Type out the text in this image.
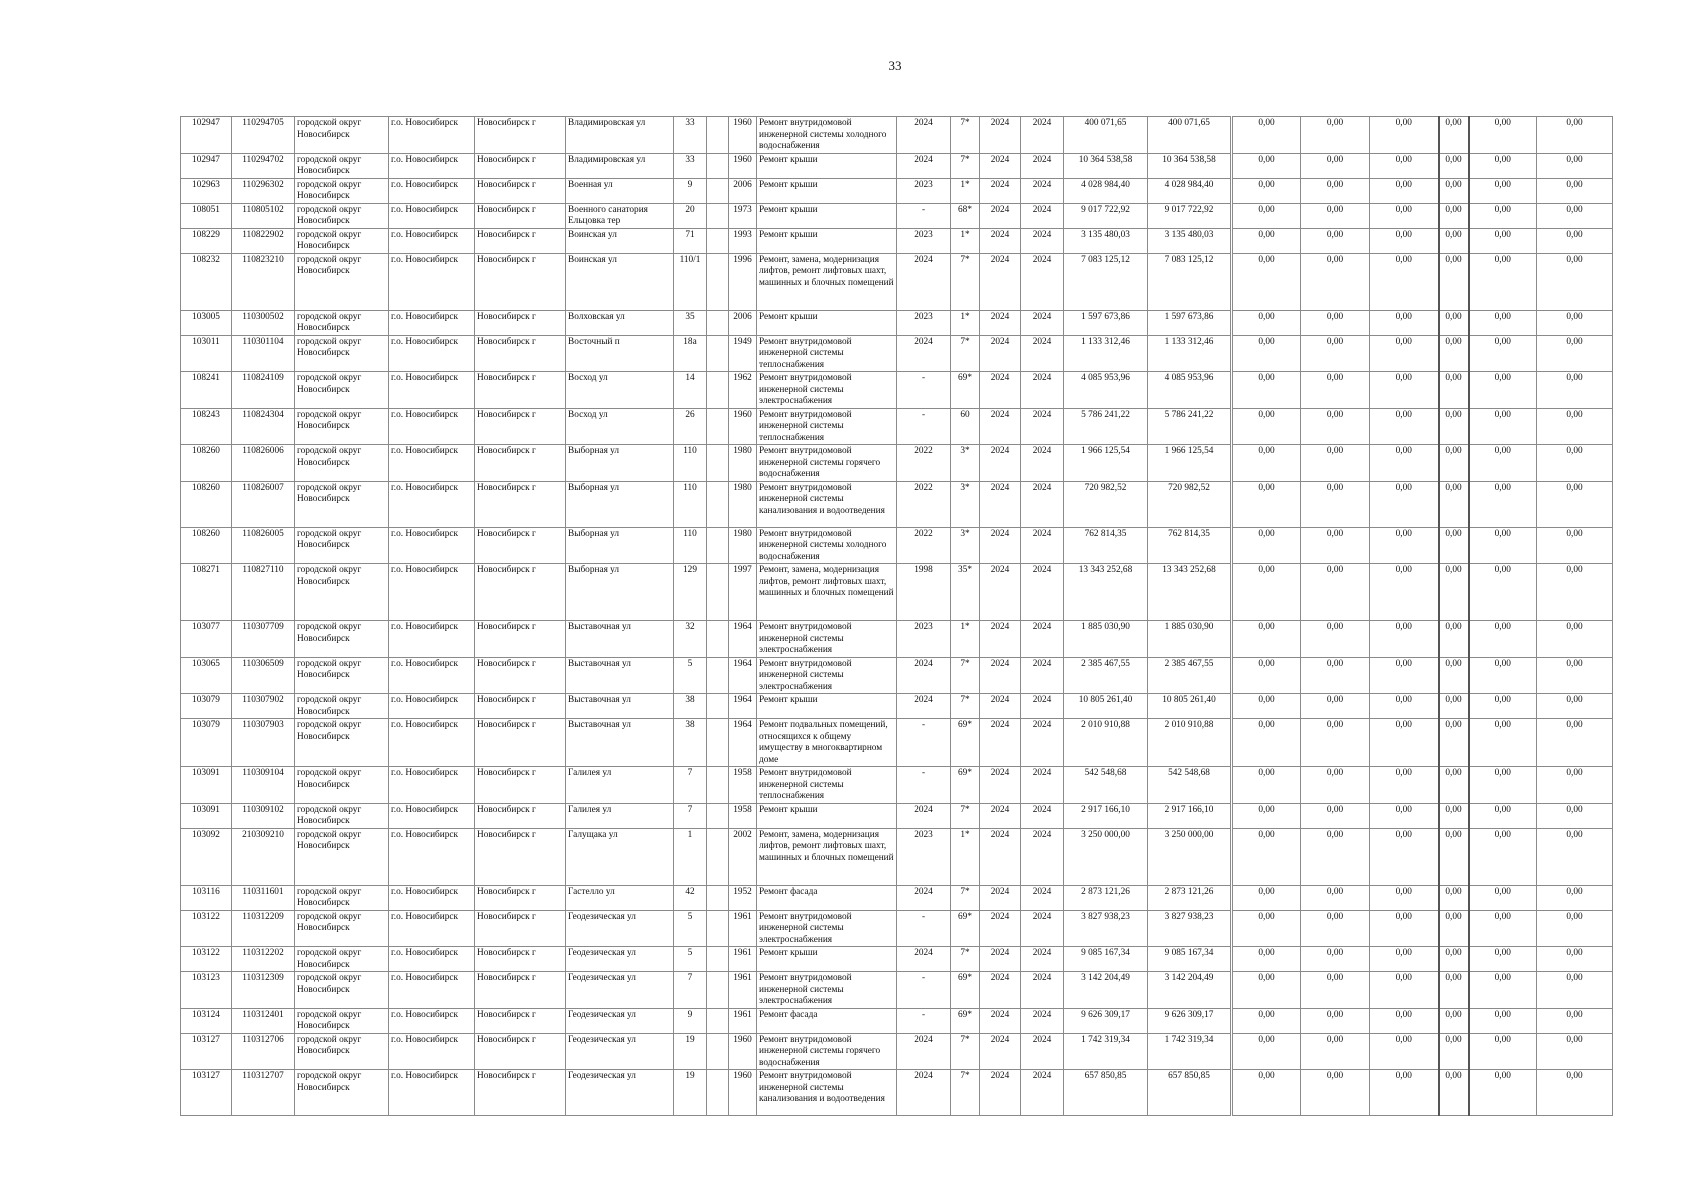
33
102947	110294705	городской округ Новосибирск	г.о. Новосибирск	Новосибирск г	Владимировская ул	33		1960	Ремонт внутридомовой инженерной системы холодного водоснабжения	2024	7*	2024	2024	400 071,65	400 071,65	0,00	0,00	0,00	0,00	0,00	0,00
102947	110294702	городской округ Новосибирск	г.о. Новосибирск	Новосибирск г	Владимировская ул	33		1960	Ремонт крыши	2024	7*	2024	2024	10 364 538,58	10 364 538,58	0,00	0,00	0,00	0,00	0,00	0,00
102963	110296302	городской округ Новосибирск	г.о. Новосибирск	Новосибирск г	Военная ул	9		2006	Ремонт крыши	2023	1*	2024	2024	4 028 984,40	4 028 984,40	0,00	0,00	0,00	0,00	0,00	0,00
108051	110805102	городской округ Новосибирск	г.о. Новосибирск	Новосибирск г	Военного санатория Ельцовка тер	20		1973	Ремонт крыши	-	68*	2024	2024	9 017 722,92	9 017 722,92	0,00	0,00	0,00	0,00	0,00	0,00
108229	110822902	городской округ Новосибирск	г.о. Новосибирск	Новосибирск г	Воинская ул	71		1993	Ремонт крыши	2023	1*	2024	2024	3 135 480,03	3 135 480,03	0,00	0,00	0,00	0,00	0,00	0,00
108232	110823210	городской округ Новосибирск	г.о. Новосибирск	Новосибирск г	Воинская ул	110/1		1996	Ремонт, замена, модернизация лифтов, ремонт лифтовых шахт, машинных и блочных помещений	2024	7*	2024	2024	7 083 125,12	7 083 125,12	0,00	0,00	0,00	0,00	0,00	0,00
103005	110300502	городской округ Новосибирск	г.о. Новосибирск	Новосибирск г	Волховская ул	35		2006	Ремонт крыши	2023	1*	2024	2024	1 597 673,86	1 597 673,86	0,00	0,00	0,00	0,00	0,00	0,00
103011	110301104	городской округ Новосибирск	г.о. Новосибирск	Новосибирск г	Восточный п	18а		1949	Ремонт внутридомовой инженерной системы теплоснабжения	2024	7*	2024	2024	1 133 312,46	1 133 312,46	0,00	0,00	0,00	0,00	0,00	0,00
108241	110824109	городской округ Новосибирск	г.о. Новосибирск	Новосибирск г	Восход ул	14		1962	Ремонт внутридомовой инженерной системы электроснабжения	-	69*	2024	2024	4 085 953,96	4 085 953,96	0,00	0,00	0,00	0,00	0,00	0,00
108243	110824304	городской округ Новосибирск	г.о. Новосибирск	Новосибирск г	Восход ул	26		1960	Ремонт внутридомовой инженерной системы теплоснабжения	-	60	2024	2024	5 786 241,22	5 786 241,22	0,00	0,00	0,00	0,00	0,00	0,00
108260	110826006	городской округ Новосибирск	г.о. Новосибирск	Новосибирск г	Выборная ул	110		1980	Ремонт внутридомовой инженерной системы горячего водоснабжения	2022	3*	2024	2024	1 966 125,54	1 966 125,54	0,00	0,00	0,00	0,00	0,00	0,00
108260	110826007	городской округ Новосибирск	г.о. Новосибирск	Новосибирск г	Выборная ул	110		1980	Ремонт внутридомовой инженерной системы канализования и водоотведения	2022	3*	2024	2024	720 982,52	720 982,52	0,00	0,00	0,00	0,00	0,00	0,00
108260	110826005	городской округ Новосибирск	г.о. Новосибирск	Новосибирск г	Выборная ул	110		1980	Ремонт внутридомовой инженерной системы холодного водоснабжения	2022	3*	2024	2024	762 814,35	762 814,35	0,00	0,00	0,00	0,00	0,00	0,00
108271	110827110	городской округ Новосибирск	г.о. Новосибирск	Новосибирск г	Выборная ул	129		1997	Ремонт, замена, модернизация лифтов, ремонт лифтовых шахт, машинных и блочных помещений	1998	35*	2024	2024	13 343 252,68	13 343 252,68	0,00	0,00	0,00	0,00	0,00	0,00
103077	110307709	городской округ Новосибирск	г.о. Новосибирск	Новосибирск г	Выставочная ул	32		1964	Ремонт внутридомовой инженерной системы электроснабжения	2023	1*	2024	2024	1 885 030,90	1 885 030,90	0,00	0,00	0,00	0,00	0,00	0,00
103065	110306509	городской округ Новосибирск	г.о. Новосибирск	Новосибирск г	Выставочная ул	5		1964	Ремонт внутридомовой инженерной системы электроснабжения	2024	7*	2024	2024	2 385 467,55	2 385 467,55	0,00	0,00	0,00	0,00	0,00	0,00
103079	110307902	городской округ Новосибирск	г.о. Новосибирск	Новосибирск г	Выставочная ул	38		1964	Ремонт крыши	2024	7*	2024	2024	10 805 261,40	10 805 261,40	0,00	0,00	0,00	0,00	0,00	0,00
103079	110307903	городской округ Новосибирск	г.о. Новосибирск	Новосибирск г	Выставочная ул	38		1964	Ремонт подвальных помещений, относящихся к общему имуществу в многоквартирном доме	-	69*	2024	2024	2 010 910,88	2 010 910,88	0,00	0,00	0,00	0,00	0,00	0,00
103091	110309104	городской округ Новосибирск	г.о. Новосибирск	Новосибирск г	Галилея ул	7		1958	Ремонт внутридомовой инженерной системы теплоснабжения	-	69*	2024	2024	542 548,68	542 548,68	0,00	0,00	0,00	0,00	0,00	0,00
103091	110309102	городской округ Новосибирск	г.о. Новосибирск	Новосибирск г	Галилея ул	7		1958	Ремонт крыши	2024	7*	2024	2024	2 917 166,10	2 917 166,10	0,00	0,00	0,00	0,00	0,00	0,00
103092	210309210	городской округ Новосибирск	г.о. Новосибирск	Новосибирск г	Галущака ул	1		2002	Ремонт, замена, модернизация лифтов, ремонт лифтовых шахт, машинных и блочных помещений	2023	1*	2024	2024	3 250 000,00	3 250 000,00	0,00	0,00	0,00	0,00	0,00	0,00
103116	110311601	городской округ Новосибирск	г.о. Новосибирск	Новосибирск г	Гастелло ул	42		1952	Ремонт фасада	2024	7*	2024	2024	2 873 121,26	2 873 121,26	0,00	0,00	0,00	0,00	0,00	0,00
103122	110312209	городской округ Новосибирск	г.о. Новосибирск	Новосибирск г	Геодезическая ул	5		1961	Ремонт внутридомовой инженерной системы электроснабжения	-	69*	2024	2024	3 827 938,23	3 827 938,23	0,00	0,00	0,00	0,00	0,00	0,00
103122	110312202	городской округ Новосибирск	г.о. Новосибирск	Новосибирск г	Геодезическая ул	5		1961	Ремонт крыши	2024	7*	2024	2024	9 085 167,34	9 085 167,34	0,00	0,00	0,00	0,00	0,00	0,00
103123	110312309	городской округ Новосибирск	г.о. Новосибирск	Новосибирск г	Геодезическая ул	7		1961	Ремонт внутридомовой инженерной системы электроснабжения	-	69*	2024	2024	3 142 204,49	3 142 204,49	0,00	0,00	0,00	0,00	0,00	0,00
103124	110312401	городской округ Новосибирск	г.о. Новосибирск	Новосибирск г	Геодезическая ул	9		1961	Ремонт фасада	-	69*	2024	2024	9 626 309,17	9 626 309,17	0,00	0,00	0,00	0,00	0,00	0,00
103127	110312706	городской округ Новосибирск	г.о. Новосибирск	Новосибирск г	Геодезическая ул	19		1960	Ремонт внутридомовой инженерной системы горячего водоснабжения	2024	7*	2024	2024	1 742 319,34	1 742 319,34	0,00	0,00	0,00	0,00	0,00	0,00
103127	110312707	городской округ Новосибирск	г.о. Новосибирск	Новосибирск г	Геодезическая ул	19		1960	Ремонт внутридомовой инженерной системы канализования и водоотведения	2024	7*	2024	2024	657 850,85	657 850,85	0,00	0,00	0,00	0,00	0,00	0,00
